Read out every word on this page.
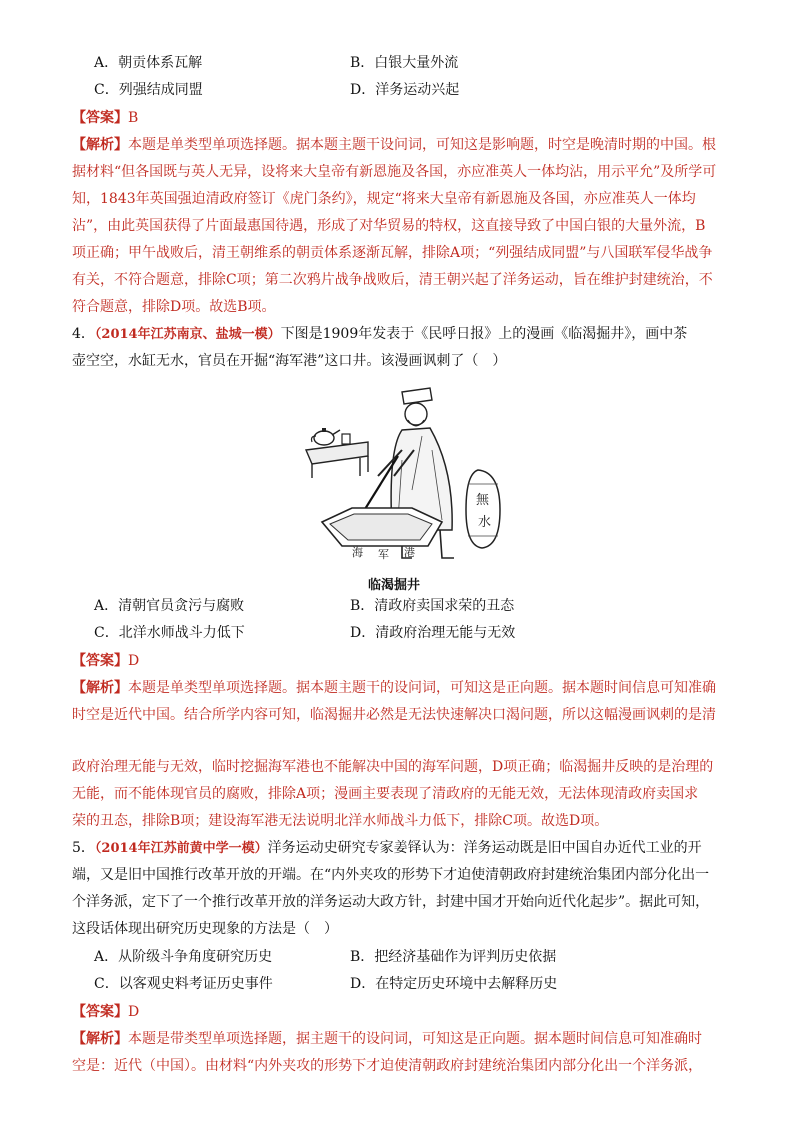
A．朝贡体系瓦解	B．白银大量外流
C．列强结成同盟	D．洋务运动兴起
【答案】B
【解析】本题是单类型单项选择题。据本题主题干设问词，可知这是影响题，时空是晚清时期的中国。根
据材料“但各国既与英人无异，设将来大皇帝有新恩施及各国，亦应准英人一体均沾，用示平允”及所学可
知，1843年英国强迫清政府签订《虎门条约》，规定“将来大皇帝有新恩施及各国，亦应准英人一体均
沾”，由此英国获得了片面最惠国待遇，形成了对华贸易的特权，这直接导致了中国白银的大量外流，B
项正确；甲午战败后，清王朝维系的朝贡体系逐渐瓦解，排除A项；“列强结成同盟”与八国联军侵华战争
有关，不符合题意，排除C项；第二次鸦片战争战败后，清王朝兴起了洋务运动，旨在维护封建统治，不
符合题意，排除D项。故选B项。
4．（2014年江苏南京、盐城一模）下图是1909年发表于《民呼日报》上的漫画《临渴掘井》，画中茶
壶空空，水缸无水，官员在开掘“海军港”这口井。该漫画讽刺了（　）
海 军 港
無
水
临渴掘井
A．清朝官员贪污与腐败	B．清政府卖国求荣的丑态
C．北洋水师战斗力低下	D．清政府治理无能与无效
【答案】D
【解析】本题是单类型单项选择题。据本题主题干的设问词，可知这是正向题。据本题时间信息可知准确
时空是近代中国。结合所学内容可知，临渴掘井必然是无法快速解决口渴问题，所以这幅漫画讽刺的是清
政府治理无能与无效，临时挖掘海军港也不能解决中国的海军问题，D项正确；临渴掘井反映的是治理的
无能，而不能体现官员的腐败，排除A项；漫画主要表现了清政府的无能无效，无法体现清政府卖国求
荣的丑态，排除B项；建设海军港无法说明北洋水师战斗力低下，排除C项。故选D项。
5．（2014年江苏前黄中学一模）洋务运动史研究专家姜铎认为：洋务运动既是旧中国自办近代工业的开
端，又是旧中国推行改革开放的开端。在“内外夹攻的形势下才迫使清朝政府封建统治集团内部分化出一
个洋务派，定下了一个推行改革开放的洋务运动大政方针，封建中国才开始向近代化起步”。据此可知，
这段话体现出研究历史现象的方法是（　）
A．从阶级斗争角度研究历史	B．把经济基础作为评判历史依据
C．以客观史料考证历史事件	D．在特定历史环境中去解释历史
【答案】D
【解析】本题是带类型单项选择题，据主题干的设问词，可知这是正向题。据本题时间信息可知准确时
空是：近代（中国）。由材料“内外夹攻的形势下才迫使清朝政府封建统治集团内部分化出一个洋务派，
